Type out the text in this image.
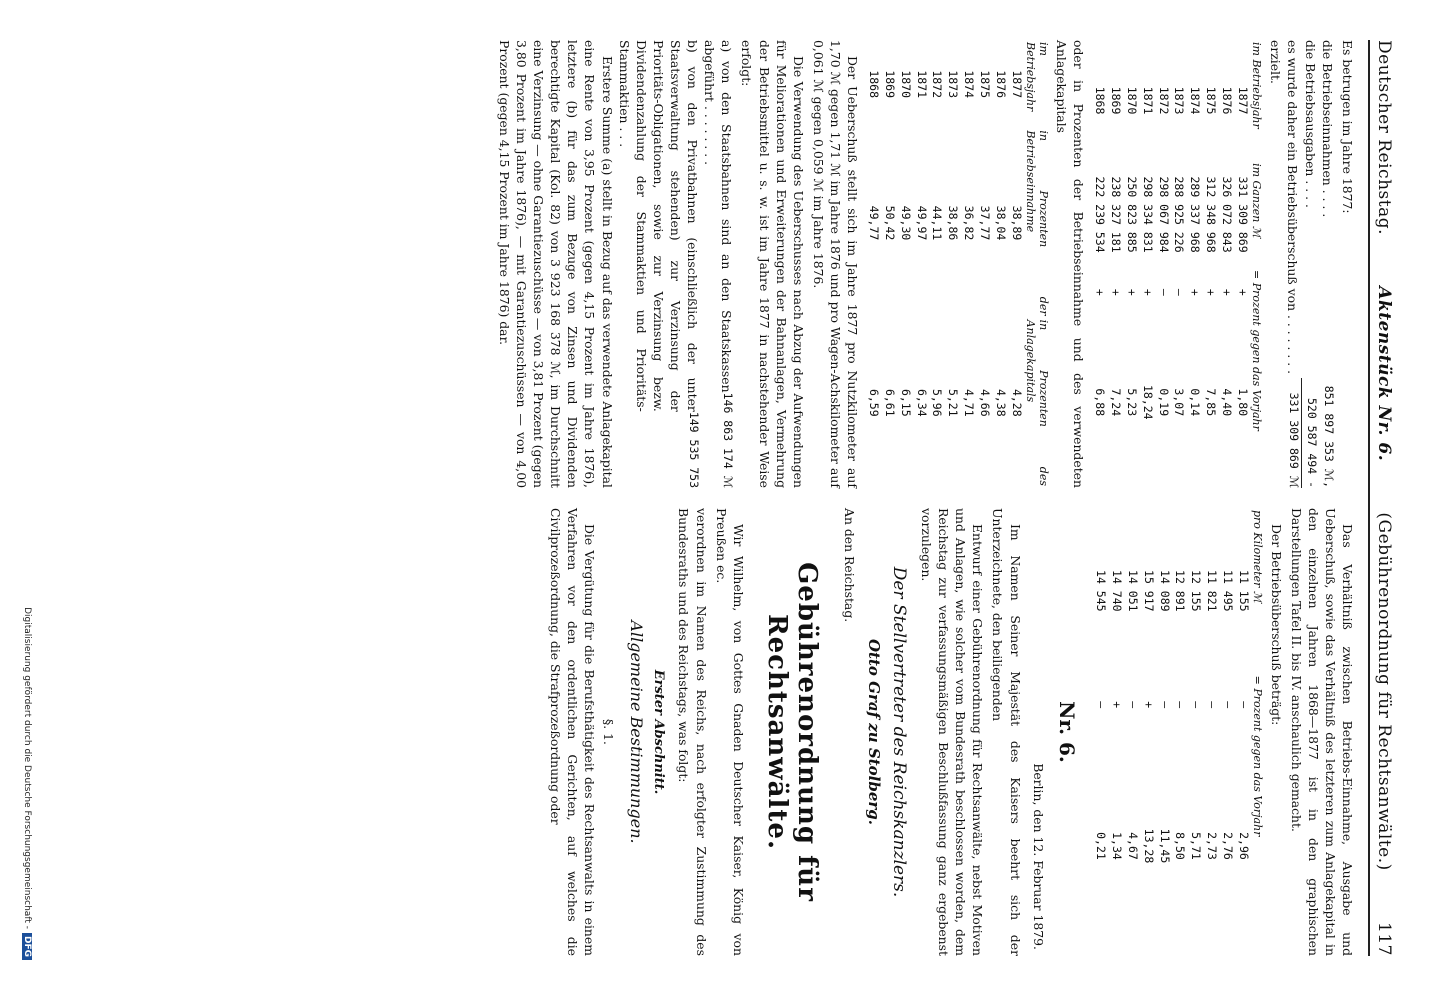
Deutscher Reichstag.
Aktenstück Nr. 6.
(Gebührenordnung für Rechtsanwälte.)
117

Es betrugen im Jahre 1877:

die Betriebseinnahmen . . . .
851 897 353 ℳ,
die Betriebsausgaben . . . .
520 587 494 -
es wurde daher ein Betriebsüberschuß von . . . . . . . .
331 309 869 ℳ

erzielt.

im Betriebsjahr	im Ganzen ℳ	= Prozent gegen das Vorjahr	
1877	331 309 869	+	1,80
1876	326 072 843	+	4,40
1875	312 348 968	+	7,85
1874	289 337 968	+	0,14
1873	288 925 226	—	3,07
1872	298 067 984	—	0,19
1871	298 334 831	+	18,24
1870	250 823 885	+	5,23
1869	238 327 181	+	7,24
1868	222 239 534	+	6,88

oder in Prozenten der Betriebseinnahme und des verwendeten Anlagekapitals

im Betriebsjahr	in Prozenten der Betriebseinnahme	in Prozenten des Anlagekapitals
1877	38,89	4,28
1876	38,04	4,38
1875	37,77	4,66
1874	36,82	4,71
1873	38,86	5,21
1872	44,11	5,96
1871	49,97	6,34
1870	49,30	6,15
1869	50,42	6,61
1868	49,77	6,59

Der Ueberschuß stellt sich im Jahre 1877 pro Nutzkilometer auf 1,70 ℳ gegen 1,71 ℳ im Jahre 1876 und pro Wagen-Achskilometer auf 0,061 ℳ gegen 0,059 ℳ im Jahre 1876.

Die Verwendung des Ueberschusses nach Abzug der Aufwendungen für Meliorationen und Erweiterungen der Bahnanlagen, Vermehrung der Betriebsmittel u. s. w. ist im Jahre 1877 in nachstehender Weise erfolgt:

a) von den Staatsbahnen sind an den Staatskassen abgeführt . . . . . . . .
146 863 174 ℳ
b) von den Privatbahnen (einschließlich der unter Staatsverwaltung stehenden) zur Verzinsung der Prioritäts-Obligationen, sowie zur Verzinsung bezw. Dividendenzahlung der Stammaktien und Prioritäts-Stammaktien . . .
149 535 753

Erstere Summe (a) stellt in Bezug auf das verwendete Anlagekapital eine Rente von 3,95 Prozent (gegen 4,15 Prozent im Jahre 1876), letztere (b) für das zum Bezuge von Zinsen und Dividenden berechtigte Kapital (Kol. 82) von 3 923 168 378 ℳ, im Durchschnitt eine Verzinsung — ohne Garantiezuschüsse — von 3,81 Prozent (gegen 3,80 Prozent im Jahre 1876), — mit Garantiezuschüssen — von 4,00 Prozent (gegen 4,15 Prozent im Jahre 1876) dar.

Das Verhältniß zwischen Betriebs-Einnahme, Ausgabe und Ueberschuß, sowie das Verhältniß des letzteren zum Anlagekapital in den einzelnen Jahren 1868—1877 ist in den graphischen Darstellungen Tafel II. bis IV. anschaulich gemacht.

Der Betriebsüberschuß beträgt:

pro Kilometer ℳ	= Prozent gegen das Vorjahr	
11 155	—	2,96
11 495	—	2,76
11 821	—	2,73
12 155	—	5,71
12 891	—	8,50
14 089	—	11,45
15 917	+	13,28
14 051	—	4,67
14 740	+	1,34
14 545	—	0,21
Nr. 6.
Berlin, den 12. Februar 1879.

Im Namen Seiner Majestät des Kaisers beehrt sich der Unterzeichnete, den beiliegenden

Entwurf einer Gebührenordnung für Rechtsanwälte, nebst Motiven und Anlagen, wie solcher vom Bundesrath beschlossen worden, dem Reichstag zur verfassungsmäßigen Beschlußfassung ganz ergebenst vorzulegen.

Der Stellvertreter des Reichskanzlers.
Otto Graf zu Stolberg.

An den Reichstag.

Gebührenordnung für Rechtsanwälte.

Wir Wilhelm, von Gottes Gnaden Deutscher Kaiser, König von Preußen ec.

verordnen im Namen des Reichs, nach erfolgter Zustimmung des Bundesraths und des Reichstags, was folgt:

Erster Abschnitt.
Allgemeine Bestimmungen.
§. 1.

Die Vergütung für die Berufsthätigkeit des Rechtsanwalts in einem Verfahren vor den ordentlichen Gerichten, auf welches die Civilprozeßordnung, die Strafprozeßordnung oder

Digitalisierung gefördert durch die Deutsche Forschungsgemeinschaft -
DFG
